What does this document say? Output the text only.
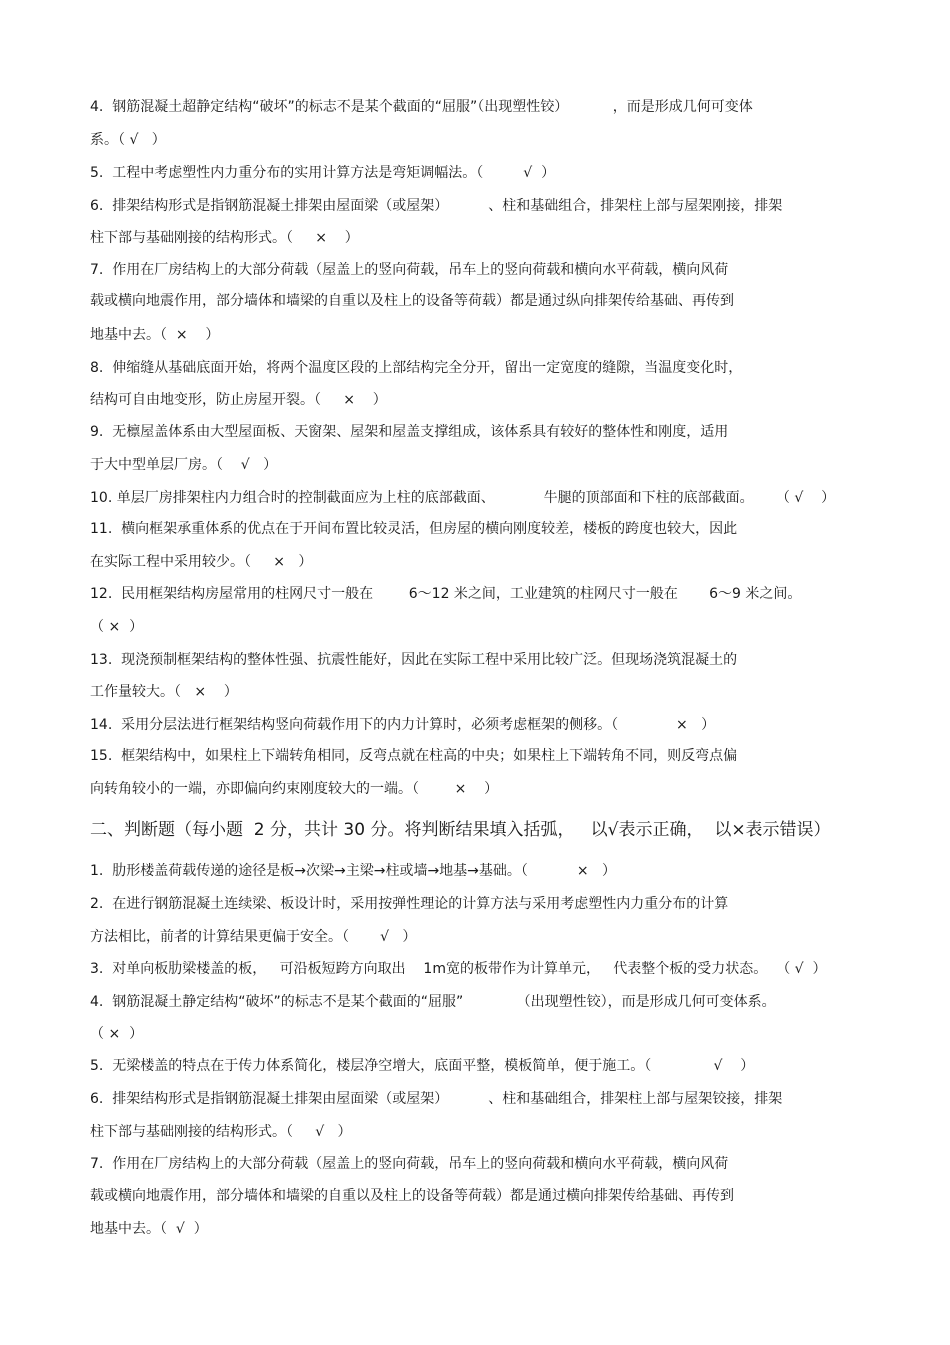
4.  钢筋混凝土超静定结构“破坏”的标志不是某个截面的“屈服”（出现塑性铰）          ，而是形成几何可变体
系。（ √   ）
5.  工程中考虑塑性内力重分布的实用计算方法是弯矩调幅法。（         √  ）
6.  排架结构形式是指钢筋混凝土排架由屋面梁（或屋架）         、柱和基础组合，排架柱上部与屋架刚接，排架
柱下部与基础刚接的结构形式。（     ×    ）
7.  作用在厂房结构上的大部分荷载（屋盖上的竖向荷载，吊车上的竖向荷载和横向水平荷载，横向风荷
载或横向地震作用，部分墙体和墙梁的自重以及柱上的设备等荷载）都是通过纵向排架传给基础、再传到
地基中去。（  ×    ）
8.  伸缩缝从基础底面开始，将两个温度区段的上部结构完全分开，留出一定宽度的缝隙，当温度变化时，
结构可自由地变形，防止房屋开裂。（     ×    ）
9.  无檩屋盖体系由大型屋面板、天窗架、屋架和屋盖支撑组成，该体系具有较好的整体性和刚度，适用
于大中型单层厂房。（    √   ）
10. 单层厂房排架柱内力组合时的控制截面应为上柱的底部截面、           牛腿的顶部面和下柱的底部截面。     （ √    ）
11.  横向框架承重体系的优点在于开间布置比较灵活，但房屋的横向刚度较差，楼板的跨度也较大，因此
在实际工程中采用较少。（     ×   ）
12.  民用框架结构房屋常用的柱网尺寸一般在        6～12 米之间，工业建筑的柱网尺寸一般在       6～9 米之间。
（ ×  ）
13.  现浇预制框架结构的整体性强、抗震性能好，因此在实际工程中采用比较广泛。但现场浇筑混凝土的
工作量较大。（   ×    ）
14.  采用分层法进行框架结构竖向荷载作用下的内力计算时，必须考虑框架的侧移。（             ×   ）
15.  框架结构中，如果柱上下端转角相同，反弯点就在柱高的中央；如果柱上下端转角不同，则反弯点偏
向转角较小的一端，亦即偏向约束刚度较大的一端。（        ×    ）
二、判断题（每小题  2 分，共计 30 分。将判断结果填入括弧，   以√表示正确，  以×表示错误）
1.  肋形楼盖荷载传递的途径是板→次梁→主梁→柱或墙→地基→基础。（           ×   ）
2.  在进行钢筋混凝土连续梁、板设计时，采用按弹性理论的计算方法与采用考虑塑性内力重分布的计算
方法相比，前者的计算结果更偏于安全。（       √   ）
3.  对单向板肋梁楼盖的板，   可沿板短跨方向取出    1m宽的板带作为计算单元，   代表整个板的受力状态。  （ √  ）
4.  钢筋混凝土静定结构“破坏”的标志不是某个截面的“屈服”            （出现塑性铰），而是形成几何可变体系。
（ ×  ）
5.  无梁楼盖的特点在于传力体系简化，楼层净空增大，底面平整，模板简单，便于施工。（              √    ）
6.  排架结构形式是指钢筋混凝土排架由屋面梁（或屋架）         、柱和基础组合，排架柱上部与屋架铰接，排架
柱下部与基础刚接的结构形式。（     √   ）
7.  作用在厂房结构上的大部分荷载（屋盖上的竖向荷载，吊车上的竖向荷载和横向水平荷载，横向风荷
载或横向地震作用，部分墙体和墙梁的自重以及柱上的设备等荷载）都是通过横向排架传给基础、再传到
地基中去。（  √  ）
